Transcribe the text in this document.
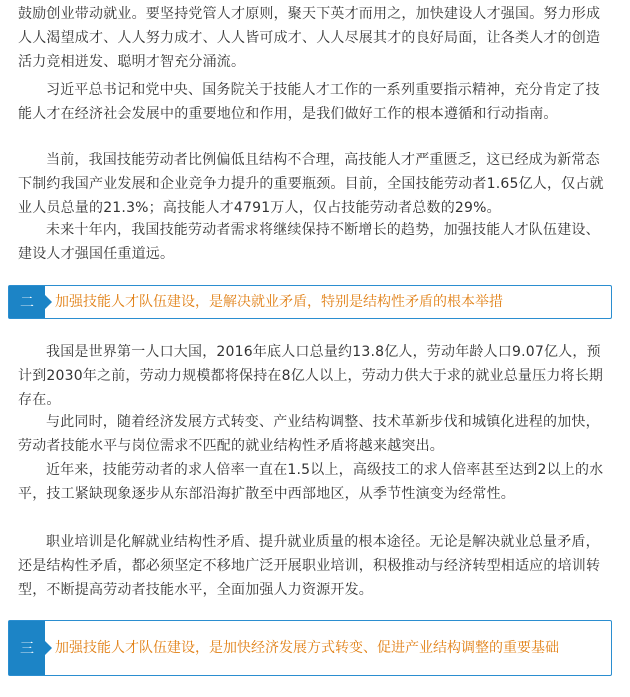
鼓励创业带动就业。要坚持党管人才原则，聚天下英才而用之，加快建设人才强国。努力形成人人渴望成才、人人努力成才、人人皆可成才、人人尽展其才的良好局面，让各类人才的创造活力竞相迸发、聪明才智充分涌流。

习近平总书记和党中央、国务院关于技能人才工作的一系列重要指示精神，充分肯定了技能人才在经济社会发展中的重要地位和作用，是我们做好工作的根本遵循和行动指南。

当前，我国技能劳动者比例偏低且结构不合理，高技能人才严重匮乏，这已经成为新常态下制约我国产业发展和企业竞争力提升的重要瓶颈。目前，全国技能劳动者1.65亿人，仅占就业人员总量的21.3%；高技能人才4791万人，仅占技能劳动者总数的29%。

未来十年内，我国技能劳动者需求将继续保持不断增长的趋势，加强技能人才队伍建设、建设人才强国任重道远。

二	加强技能人才队伍建设，是解决就业矛盾，特别是结构性矛盾的根本举措

我国是世界第一人口大国，2016年底人口总量约13.8亿人，劳动年龄人口9.07亿人，预计到2030年之前，劳动力规模都将保持在8亿人以上，劳动力供大于求的就业总量压力将长期存在。

与此同时，随着经济发展方式转变、产业结构调整、技术革新步伐和城镇化进程的加快，劳动者技能水平与岗位需求不匹配的就业结构性矛盾将越来越突出。

近年来，技能劳动者的求人倍率一直在1.5以上，高级技工的求人倍率甚至达到2以上的水平，技工紧缺现象逐步从东部沿海扩散至中西部地区，从季节性演变为经常性。

职业培训是化解就业结构性矛盾、提升就业质量的根本途径。无论是解决就业总量矛盾，还是结构性矛盾，都必须坚定不移地广泛开展职业培训，积极推动与经济转型相适应的培训转型，不断提高劳动者技能水平，全面加强人力资源开发。

三	加强技能人才队伍建设，是加快经济发展方式转变、促进产业结构调整的重要基础
